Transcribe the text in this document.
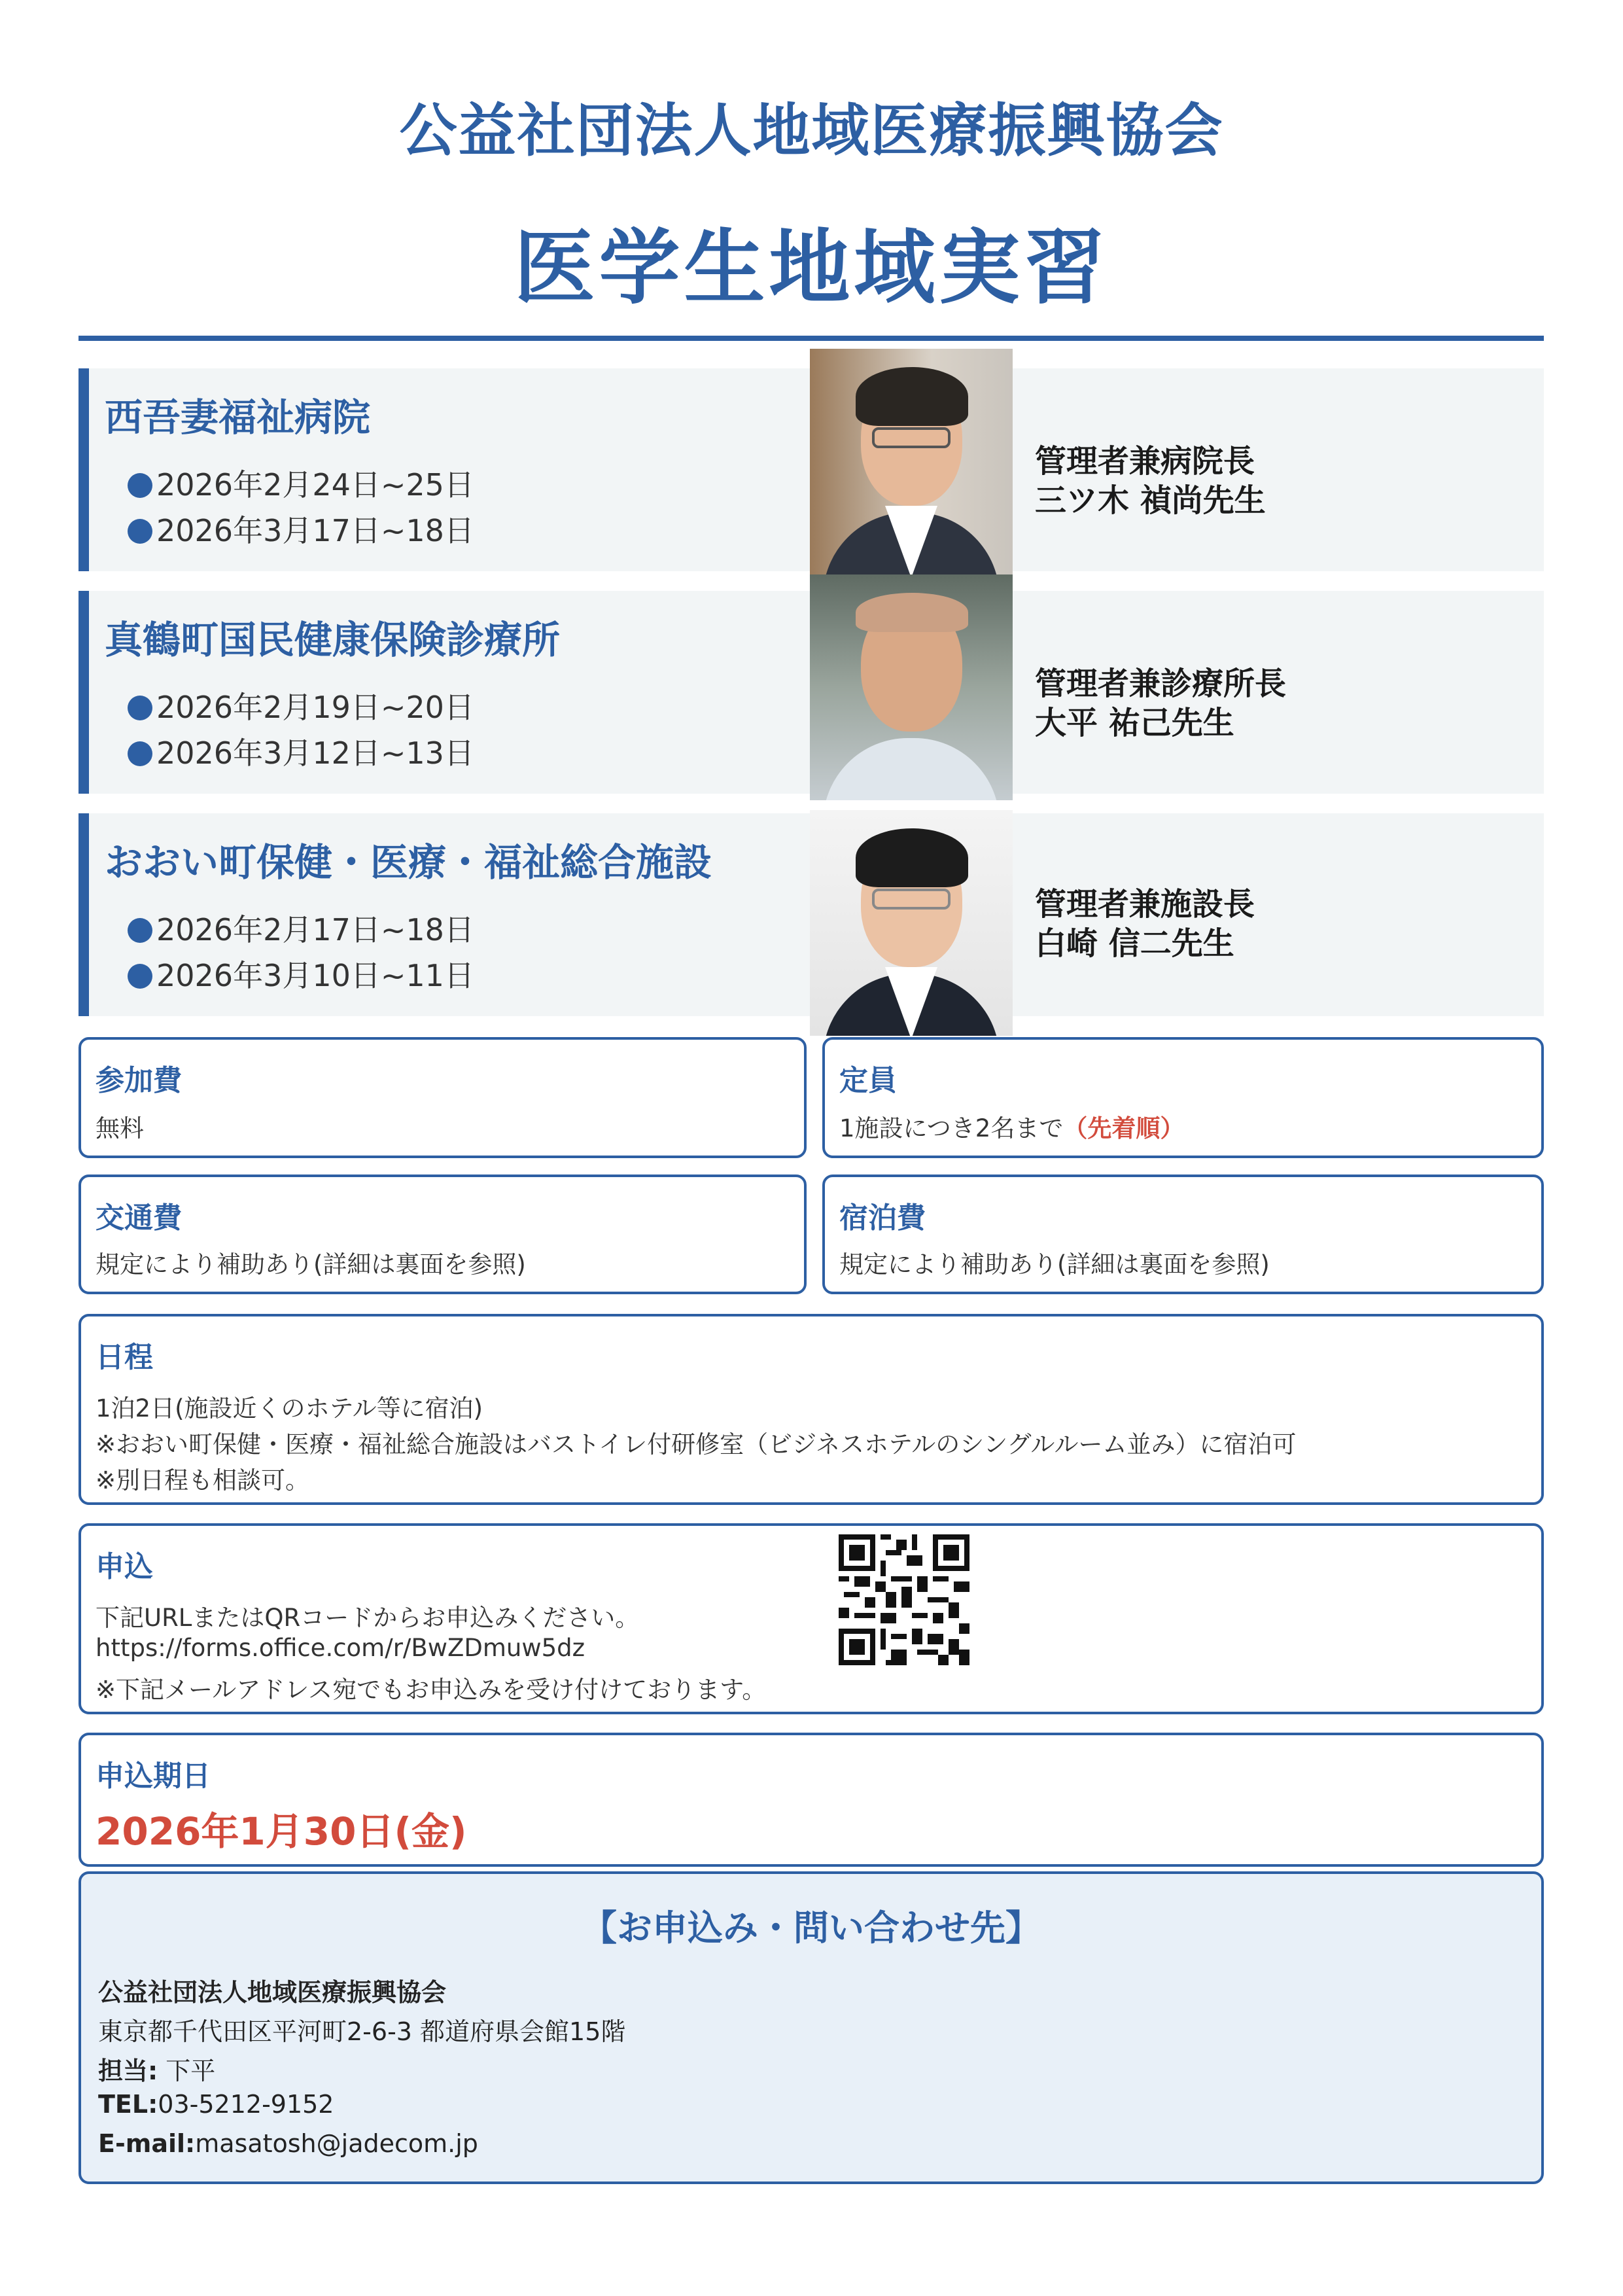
公益社団法人地域医療振興協会
医学生地域実習
西吾妻福祉病院
2026年2月24日~25日
2026年3月17日~18日
管理者兼病院長
三ツ木 禎尚先生
真鶴町国民健康保険診療所
2026年2月19日~20日
2026年3月12日~13日
管理者兼診療所長
大平 祐己先生
おおい町保健・医療・福祉総合施設
2026年2月17日~18日
2026年3月10日~11日
管理者兼施設長
白崎 信二先生
参加費
無料
定員
1施設につき2名まで（先着順）
交通費
規定により補助あり(詳細は裏面を参照)
宿泊費
規定により補助あり(詳細は裏面を参照)
日程
1泊2日(施設近くのホテル等に宿泊)
※おおい町保健・医療・福祉総合施設はバストイレ付研修室（ビジネスホテルのシングルルーム並み）に宿泊可
※別日程も相談可。
申込
下記URLまたはQRコードからお申込みください。
https://forms.office.com/r/BwZDmuw5dz
※下記メールアドレス宛でもお申込みを受け付けております。
申込期日
2026年1月30日(金)
【お申込み・問い合わせ先】
公益社団法人地域医療振興協会
東京都千代田区平河町2-6-3 都道府県会館15階
担当: 下平
TEL:03-5212-9152
E-mail:masatosh@jadecom.jp
